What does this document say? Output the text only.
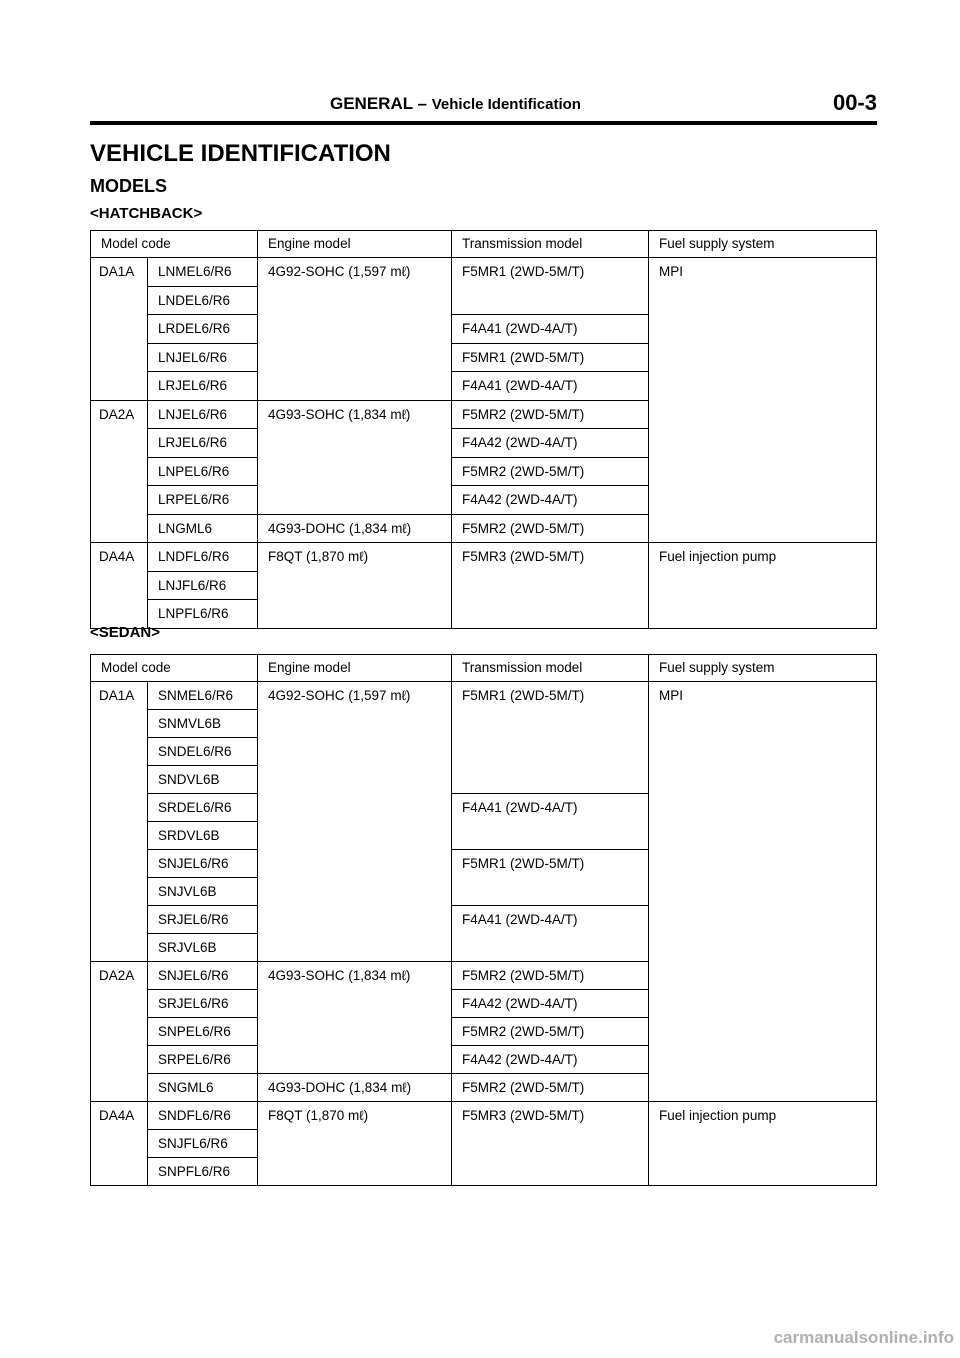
GENERAL – Vehicle Identification	00-3
VEHICLE IDENTIFICATION
MODELS
<HATCHBACK>
Model code		Engine model	Transmission model	Fuel supply system
DA1A	LNMEL6/R6	4G92-SOHC (1,597 mℓ)	F5MR1 (2WD-5M/T)	MPI
	LNDEL6/R6			
	LRDEL6/R6		F4A41 (2WD-4A/T)	
	LNJEL6/R6		F5MR1 (2WD-5M/T)	
	LRJEL6/R6		F4A41 (2WD-4A/T)	
DA2A	LNJEL6/R6	4G93-SOHC (1,834 mℓ)	F5MR2 (2WD-5M/T)	
	LRJEL6/R6		F4A42 (2WD-4A/T)	
	LNPEL6/R6		F5MR2 (2WD-5M/T)	
	LRPEL6/R6		F4A42 (2WD-4A/T)	
	LNGML6	4G93-DOHC (1,834 mℓ)	F5MR2 (2WD-5M/T)	
DA4A	LNDFL6/R6	F8QT (1,870 mℓ)	F5MR3 (2WD-5M/T)	Fuel injection pump
	LNJFL6/R6			
	LNPFL6/R6			
<SEDAN>
Model code		Engine model	Transmission model	Fuel supply system
DA1A	SNMEL6/R6	4G92-SOHC (1,597 mℓ)	F5MR1 (2WD-5M/T)	MPI
	SNMVL6B			
	SNDEL6/R6			
	SNDVL6B			
	SRDEL6/R6		F4A41 (2WD-4A/T)	
	SRDVL6B			
	SNJEL6/R6		F5MR1 (2WD-5M/T)	
	SNJVL6B			
	SRJEL6/R6		F4A41 (2WD-4A/T)	
	SRJVL6B			
DA2A	SNJEL6/R6	4G93-SOHC (1,834 mℓ)	F5MR2 (2WD-5M/T)	
	SRJEL6/R6		F4A42 (2WD-4A/T)	
	SNPEL6/R6		F5MR2 (2WD-5M/T)	
	SRPEL6/R6		F4A42 (2WD-4A/T)	
	SNGML6	4G93-DOHC (1,834 mℓ)	F5MR2 (2WD-5M/T)	
DA4A	SNDFL6/R6	F8QT (1,870 mℓ)	F5MR3 (2WD-5M/T)	Fuel injection pump
	SNJFL6/R6			
	SNPFL6/R6			
carmanualsonline.info
